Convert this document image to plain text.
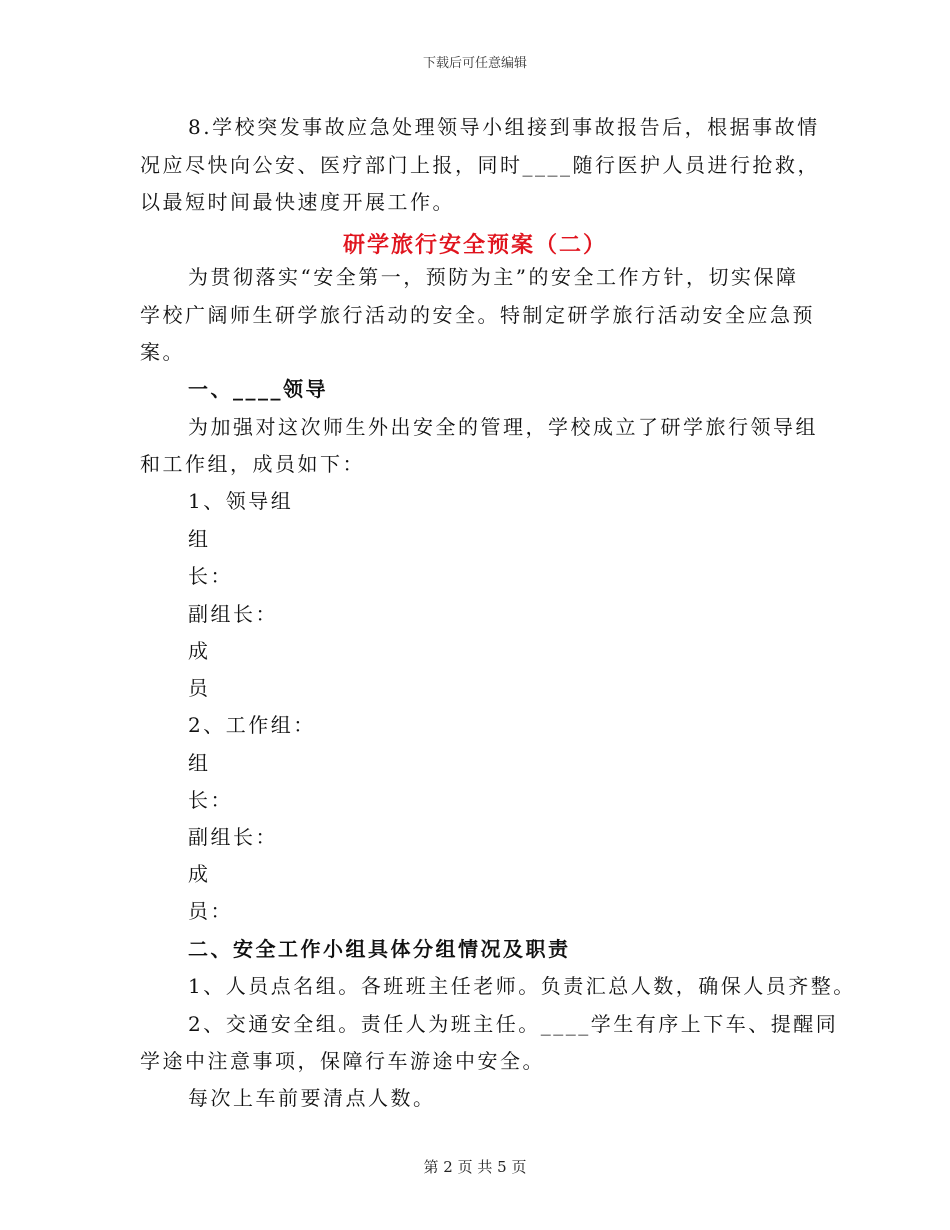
下载后可任意编辑
8.学校突发事故应急处理领导小组接到事故报告后，根据事故情
况应尽快向公安、医疗部门上报，同时____随行医护人员进行抢救，
以最短时间最快速度开展工作。
研学旅行安全预案（二）
为贯彻落实“安全第一，预防为主”的安全工作方针，切实保障
学校广阔师生研学旅行活动的安全。特制定研学旅行活动安全应急预
案。
一、____领导
为加强对这次师生外出安全的管理，学校成立了研学旅行领导组
和工作组，成员如下：
1、领导组
组
长：
副组长：
成
员
2、工作组：
组
长：
副组长：
成
员：
二、安全工作小组具体分组情况及职责
1、人员点名组。各班班主任老师。负责汇总人数，确保人员齐整。
2、交通安全组。责任人为班主任。____学生有序上下车、提醒同
学途中注意事项，保障行车游途中安全。
每次上车前要清点人数。
第 2 页 共 5 页
